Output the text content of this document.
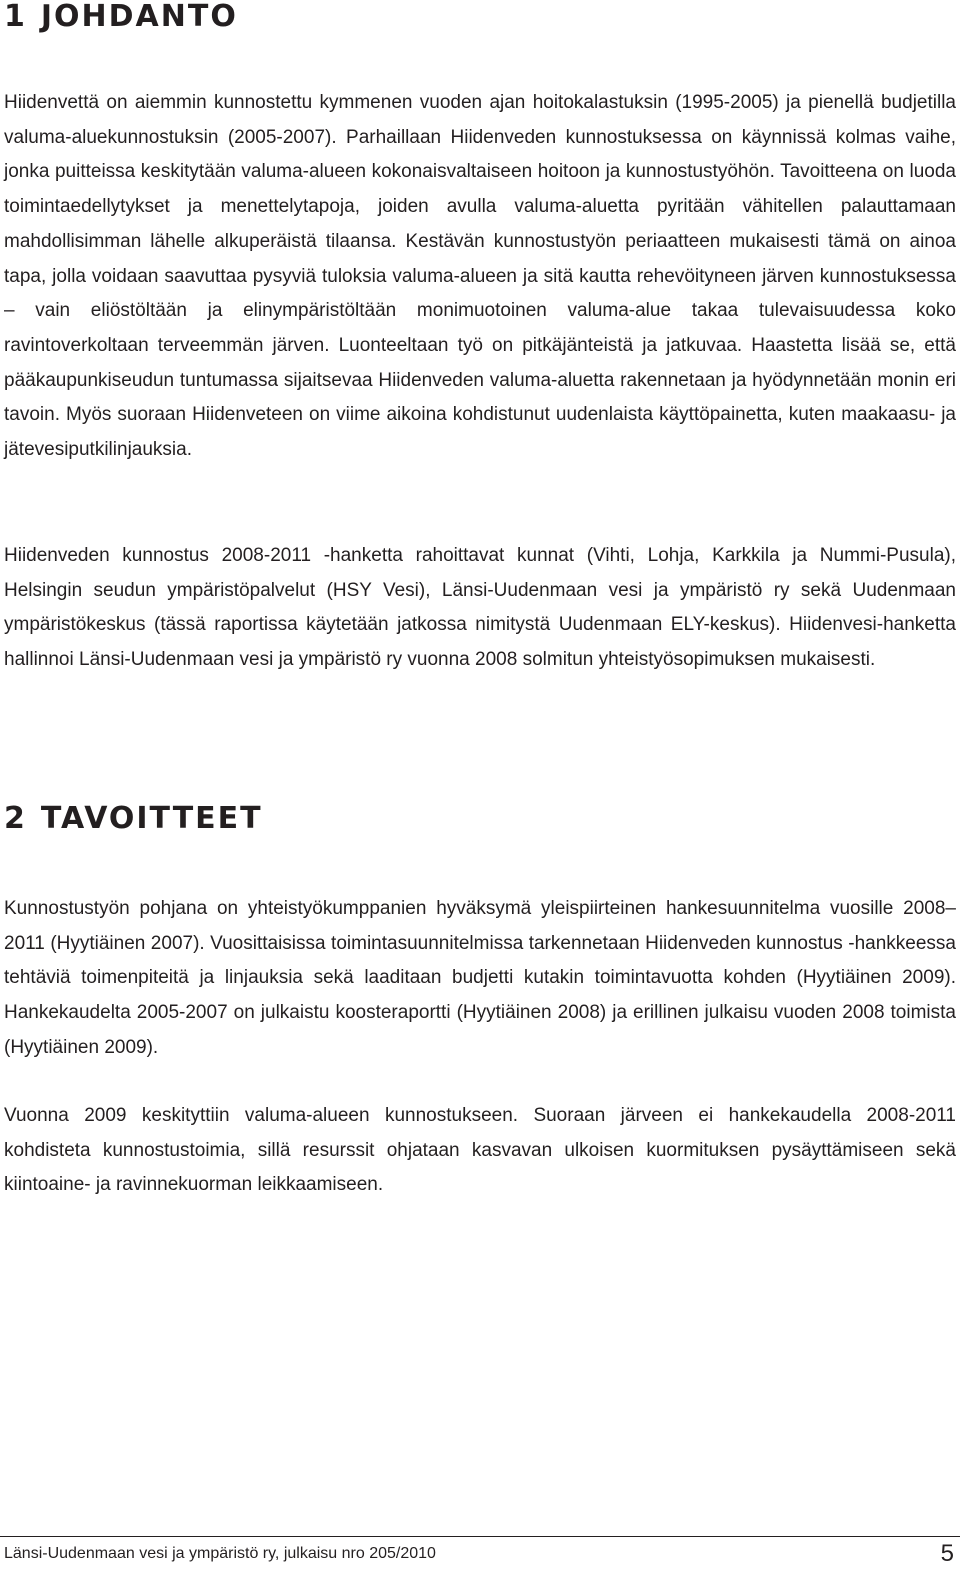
1 JOHDANTO

Hiidenvettä on aiemmin kunnostettu kymmenen vuoden ajan hoitokalastuksin (1995-2005) ja pienellä budjetilla valuma-aluekunnostuksin (2005-2007). Parhaillaan Hiidenveden kunnostuksessa on käynnissä kolmas vaihe, jonka puitteissa keskitytään valuma-alueen kokonaisvaltaiseen hoitoon ja kunnostustyöhön. Tavoitteena on luoda toimintaedellytykset ja menettelytapoja, joiden avulla valuma-aluetta pyritään vähitellen palauttamaan mahdollisimman lähelle alkuperäistä tilaansa. Kestävän kunnostustyön periaatteen mukaisesti tämä on ainoa tapa, jolla voidaan saavuttaa pysyviä tuloksia valuma-alueen ja sitä kautta rehevöityneen järven kunnostuksessa – vain eliöstöltään ja elinympäristöltään monimuotoinen valuma-alue takaa tulevaisuudessa koko ravintoverkoltaan terveemmän järven. Luonteeltaan työ on pitkäjänteistä ja jatkuvaa. Haastetta lisää se, että pääkaupunkiseudun tuntumassa sijaitsevaa Hiidenveden valuma-aluetta rakennetaan ja hyödynnetään monin eri tavoin. Myös suoraan Hiidenveteen on viime aikoina kohdistunut uudenlaista käyttöpainetta, kuten maakaasu- ja jätevesiputkilinjauksia.

Hiidenveden kunnostus 2008-2011 -hanketta rahoittavat kunnat (Vihti, Lohja, Karkkila ja Nummi-Pusula), Helsingin seudun ympäristöpalvelut (HSY Vesi), Länsi-Uudenmaan vesi ja ympäristö ry sekä Uudenmaan ympäristökeskus (tässä raportissa käytetään jatkossa nimitystä Uudenmaan ELY-keskus). Hiidenvesi-hanketta hallinnoi Länsi-Uudenmaan vesi ja ympäristö ry vuonna 2008 solmitun yhteistyösopimuksen mukaisesti.

2 TAVOITTEET

Kunnostustyön pohjana on yhteistyökumppanien hyväksymä yleispiirteinen hankesuunnitelma vuosille 2008–2011 (Hyytiäinen 2007). Vuosittaisissa toimintasuunnitelmissa tarkennetaan Hiidenveden kunnostus -hankkeessa tehtäviä toimenpiteitä ja linjauksia sekä laaditaan budjetti kutakin toimintavuotta kohden (Hyytiäinen 2009). Hankekaudelta 2005-2007 on julkaistu koosteraportti (Hyytiäinen 2008) ja erillinen julkaisu vuoden 2008 toimista (Hyytiäinen 2009).

Vuonna 2009 keskityttiin valuma-alueen kunnostukseen. Suoraan järveen ei hankekaudella 2008-2011 kohdisteta kunnostustoimia, sillä resurssit ohjataan kasvavan ulkoisen kuormituksen pysäyttämiseen sekä kiintoaine- ja ravinnekuorman leikkaamiseen.

Länsi-Uudenmaan vesi ja ympäristö ry, julkaisu nro 205/2010	5
